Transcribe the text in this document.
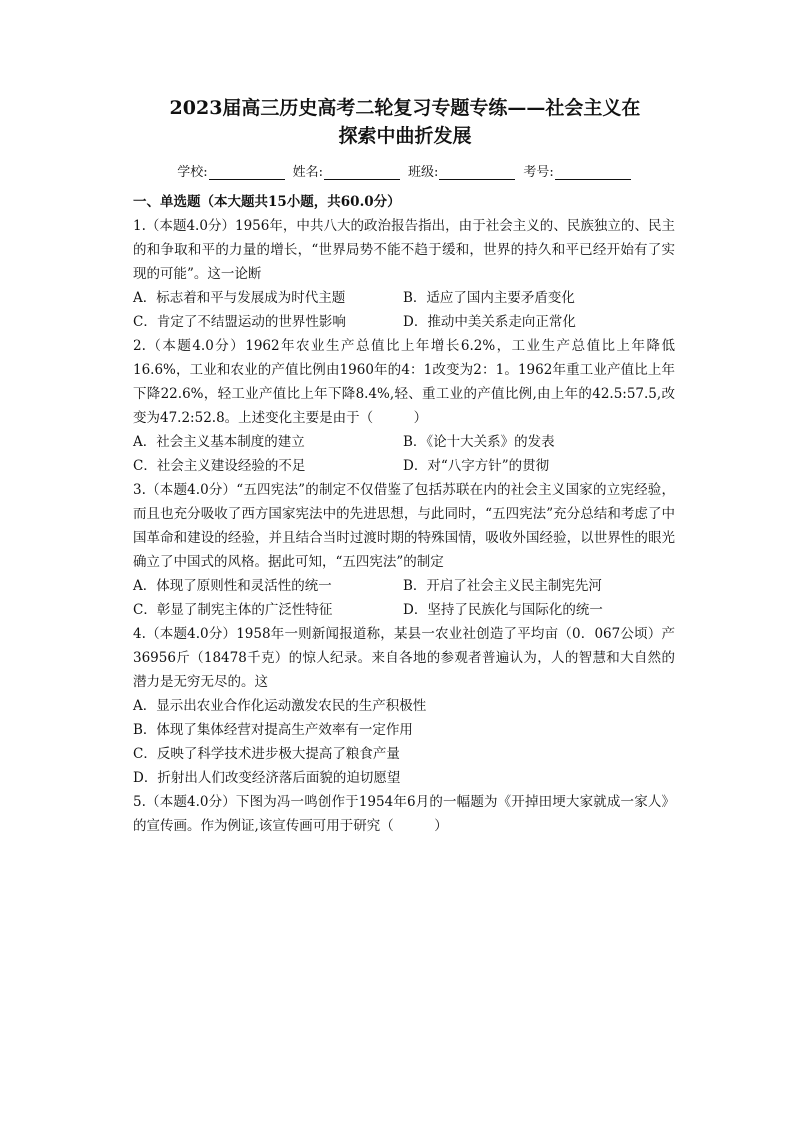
2023届高三历史高考二轮复习专题专练——社会主义在
探索中曲折发展
学校:	姓名:	班级:	考号:
一、单选题（本大题共15小题，共60.0分）

1.（本题4.0分）1956年，中共八大的政治报告指出，由于社会主义的、民族独立的、民主的和争取和平的力量的增长，“世界局势不能不趋于缓和，世界的持久和平已经开始有了实现的可能”。这一论断

A．标志着和平与发展成为时代主题	B．适应了国内主要矛盾变化
C．肯定了不结盟运动的世界性影响	D．推动中美关系走向正常化

2.（本题4.0分）1962年农业生产总值比上年增长6.2%，工业生产总值比上年降低16.6%，工业和农业的产值比例由1960年的4：1改变为2：1。1962年重工业产值比上年下降22.6%，轻工业产值比上年下降8.4%,轻、重工业的产值比例,由上年的42.5:57.5,改变为47.2:52.8。上述变化主要是由于（　　　）

A．社会主义基本制度的建立	B．《论十大关系》的发表
C．社会主义建设经验的不足	D．对“八字方针”的贯彻

3.（本题4.0分）“五四宪法”的制定不仅借鉴了包括苏联在内的社会主义国家的立宪经验，而且也充分吸收了西方国家宪法中的先进思想，与此同时，“五四宪法”充分总结和考虑了中国革命和建设的经验，并且结合当时过渡时期的特殊国情，吸收外国经验，以世界性的眼光确立了中国式的风格。据此可知，“五四宪法”的制定

A．体现了原则性和灵活性的统一	B．开启了社会主义民主制宪先河
C．彰显了制宪主体的广泛性特征	D．坚持了民族化与国际化的统一

4.（本题4.0分）1958年一则新闻报道称，某县一农业社创造了平均亩（0．067公顷）产36956斤（18478千克）的惊人纪录。来自各地的参观者普遍认为，人的智慧和大自然的潜力是无穷无尽的。这

A．显示出农业合作化运动激发农民的生产积极性
B．体现了集体经营对提高生产效率有一定作用
C．反映了科学技术进步极大提高了粮食产量
D．折射出人们改变经济落后面貌的迫切愿望

5.（本题4.0分）下图为冯一鸣创作于1954年6月的一幅题为《开掉田埂大家就成一家人》的宣传画。作为例证,该宣传画可用于研究（　　　）
